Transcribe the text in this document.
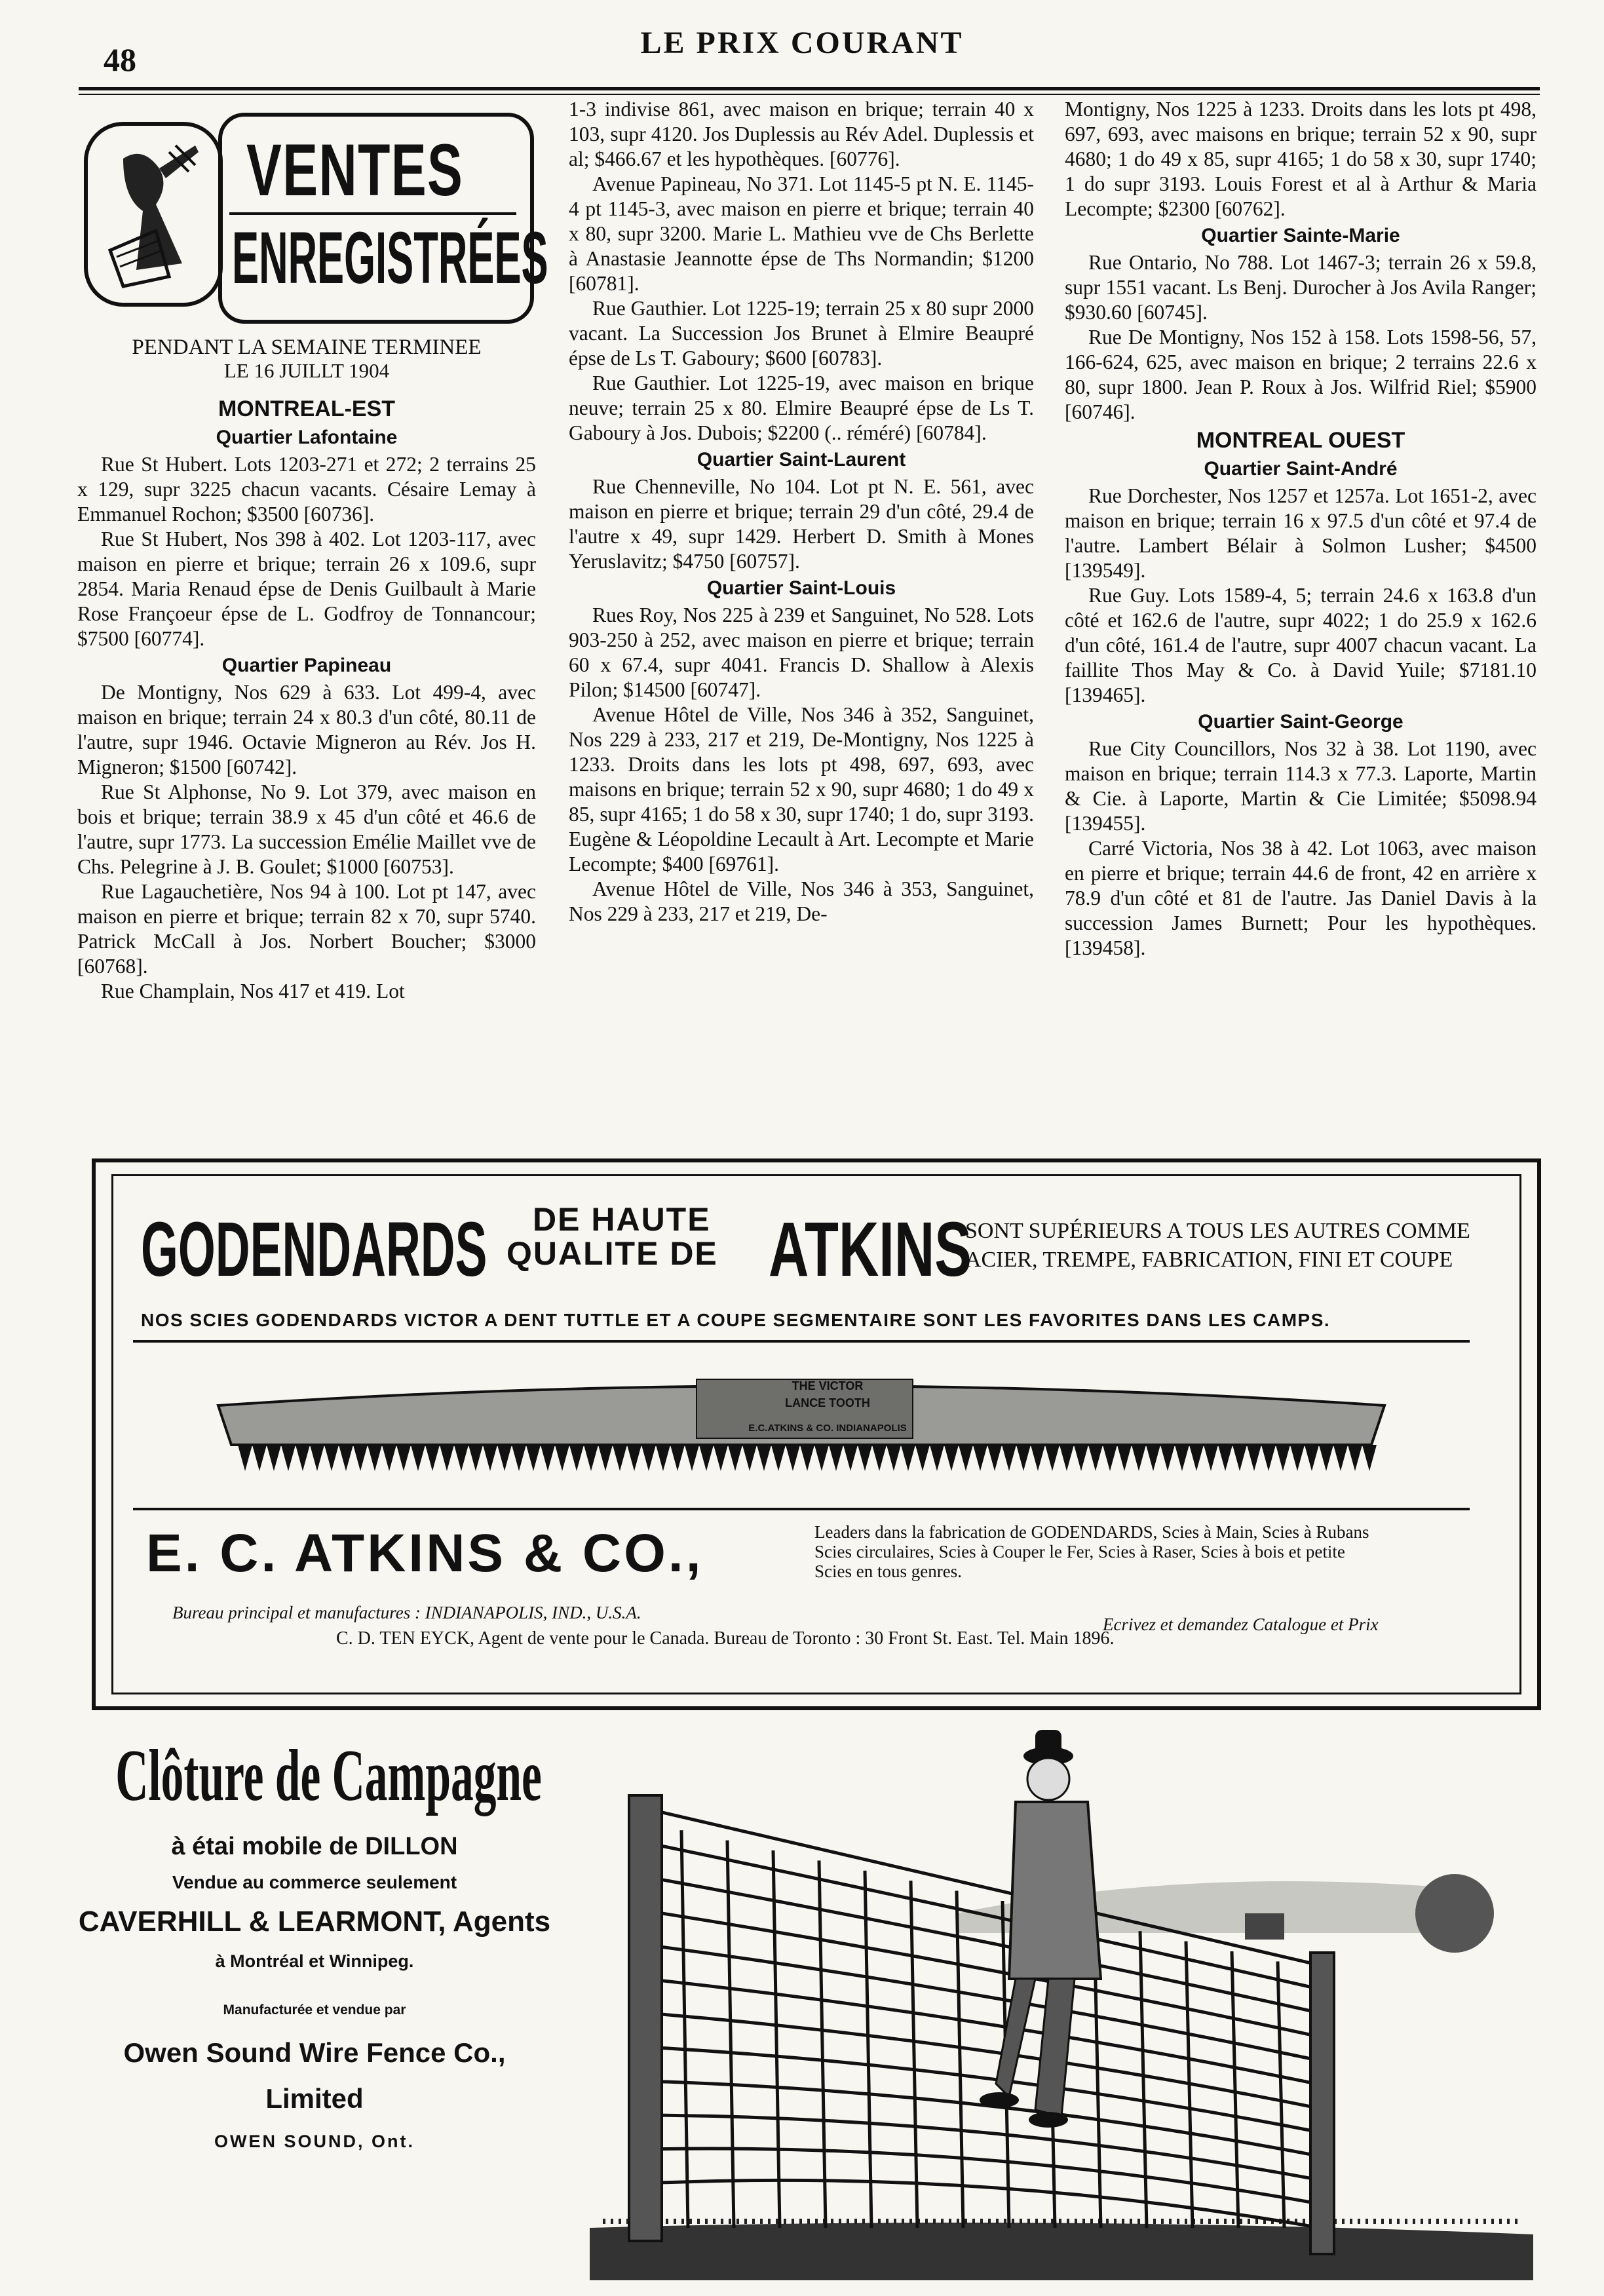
48	LE PRIX COURANT
VENTES
ENREGISTRÉES

PENDANT LA SEMAINE TERMINEE

LE 16 JUILLT 1904

MONTREAL-EST
Quartier Lafontaine

Rue St Hubert. Lots 1203-271 et 272; 2 terrains 25 x 129, supr 3225 chacun vacants. Césaire Lemay à Emmanuel Rochon; $3500 [60736].

Rue St Hubert, Nos 398 à 402. Lot 1203-117, avec maison en pierre et brique; terrain 26 x 109.6, supr 2854. Maria Renaud épse de Denis Guilbault à Marie Rose Françoeur épse de L. Godfroy de Tonnancour; $7500 [60774].

Quartier Papineau

De Montigny, Nos 629 à 633. Lot 499-4, avec maison en brique; terrain 24 x 80.3 d'un côté, 80.11 de l'autre, supr 1946. Octavie Migneron au Rév. Jos H. Migneron; $1500 [60742].

Rue St Alphonse, No 9. Lot 379, avec maison en bois et brique; terrain 38.9 x 45 d'un côté et 46.6 de l'autre, supr 1773. La succession Emélie Maillet vve de Chs. Pelegrine à J. B. Goulet; $1000 [60753].

Rue Lagauchetière, Nos 94 à 100. Lot pt 147, avec maison en pierre et brique; terrain 82 x 70, supr 5740. Patrick McCall à Jos. Norbert Boucher; $3000 [60768].

Rue Champlain, Nos 417 et 419. Lot

1-3 indivise 861, avec maison en brique; terrain 40 x 103, supr 4120. Jos Duplessis au Rév Adel. Duplessis et al; $466.67 et les hypothèques. [60776].

Avenue Papineau, No 371. Lot 1145-5 pt N. E. 1145-4 pt 1145-3, avec maison en pierre et brique; terrain 40 x 80, supr 3200. Marie L. Mathieu vve de Chs Berlette à Anastasie Jeannotte épse de Ths Normandin; $1200 [60781].

Rue Gauthier. Lot 1225-19; terrain 25 x 80 supr 2000 vacant. La Succession Jos Brunet à Elmire Beaupré épse de Ls T. Gaboury; $600 [60783].

Rue Gauthier. Lot 1225-19, avec maison en brique neuve; terrain 25 x 80. Elmire Beaupré épse de Ls T. Gaboury à Jos. Dubois; $2200 (.. réméré) [60784].

Quartier Saint-Laurent

Rue Chenneville, No 104. Lot pt N. E. 561, avec maison en pierre et brique; terrain 29 d'un côté, 29.4 de l'autre x 49, supr 1429. Herbert D. Smith à Mones Yeruslavitz; $4750 [60757].

Quartier Saint-Louis

Rues Roy, Nos 225 à 239 et Sanguinet, No 528. Lots 903-250 à 252, avec maison en pierre et brique; terrain 60 x 67.4, supr 4041. Francis D. Shallow à Alexis Pilon; $14500 [60747].

Avenue Hôtel de Ville, Nos 346 à 352, Sanguinet, Nos 229 à 233, 217 et 219, De-Montigny, Nos 1225 à 1233. Droits dans les lots pt 498, 697, 693, avec maisons en brique; terrain 52 x 90, supr 4680; 1 do 49 x 85, supr 4165; 1 do 58 x 30, supr 1740; 1 do, supr 3193. Eugène & Léopoldine Lecault à Art. Lecompte et Marie Lecompte; $400 [69761].

Avenue Hôtel de Ville, Nos 346 à 353, Sanguinet, Nos 229 à 233, 217 et 219, De-

Montigny, Nos 1225 à 1233. Droits dans les lots pt 498, 697, 693, avec maisons en brique; terrain 52 x 90, supr 4680; 1 do 49 x 85, supr 4165; 1 do 58 x 30, supr 1740; 1 do supr 3193. Louis Forest et al à Arthur & Maria Lecompte; $2300 [60762].

Quartier Sainte-Marie

Rue Ontario, No 788. Lot 1467-3; terrain 26 x 59.8, supr 1551 vacant. Ls Benj. Durocher à Jos Avila Ranger; $930.60 [60745].

Rue De Montigny, Nos 152 à 158. Lots 1598-56, 57, 166-624, 625, avec maison en brique; 2 terrains 22.6 x 80, supr 1800. Jean P. Roux à Jos. Wilfrid Riel; $5900 [60746].

MONTREAL OUEST
Quartier Saint-André

Rue Dorchester, Nos 1257 et 1257a. Lot 1651-2, avec maison en brique; terrain 16 x 97.5 d'un côté et 97.4 de l'autre. Lambert Bélair à Solmon Lusher; $4500 [139549].

Rue Guy. Lots 1589-4, 5; terrain 24.6 x 163.8 d'un côté et 162.6 de l'autre, supr 4022; 1 do 25.9 x 162.6 d'un côté, 161.4 de l'autre, supr 4007 chacun vacant. La faillite Thos May & Co. à David Yuile; $7181.10 [139465].

Quartier Saint-George

Rue City Councillors, Nos 32 à 38. Lot 1190, avec maison en brique; terrain 114.3 x 77.3. Laporte, Martin & Cie. à Laporte, Martin & Cie Limitée; $5098.94 [139455].

Carré Victoria, Nos 38 à 42. Lot 1063, avec maison en pierre et brique; terrain 44.6 de front, 42 en arrière x 78.9 d'un côté et 81 de l'autre. Jas Daniel Davis à la succession James Burnett; Pour les hypothèques. [139458].

GODENDARDS DE HAUTE
QUALITE DE ATKINS
SONT SUPÉRIEURS A TOUS LES AUTRES COMME
ACIER, TREMPE, FABRICATION, FINI ET COUPE
NOS SCIES GODENDARDS VICTOR A DENT TUTTLE ET A COUPE SEGMENTAIRE SONT LES FAVORITES DANS LES CAMPS.
THE VICTOR
LANCE TOOTH
E.C.ATKINS & CO. INDIANAPOLIS
E. C. ATKINS & CO.,	Leaders dans la fabrication de GODENDARDS, Scies à Main, Scies à Rubans
Scies circulaires, Scies à Couper le Fer, Scies à Raser, Scies à bois et petite
Scies en tous genres.
Bureau principal et manufactures : INDIANAPOLIS, IND., U.S.A.
Ecrivez et demandez Catalogue et Prix
C. D. TEN EYCK, Agent de vente pour le Canada. Bureau de Toronto : 30 Front St. East. Tel. Main 1896.
Clôture de Campagne
à étai mobile de DILLON
Vendue au commerce seulement
CAVERHILL & LEARMONT, Agents
à Montréal et Winnipeg.
Manufacturée et vendue par
Owen Sound Wire Fence Co., Limited
OWEN SOUND, Ont.
